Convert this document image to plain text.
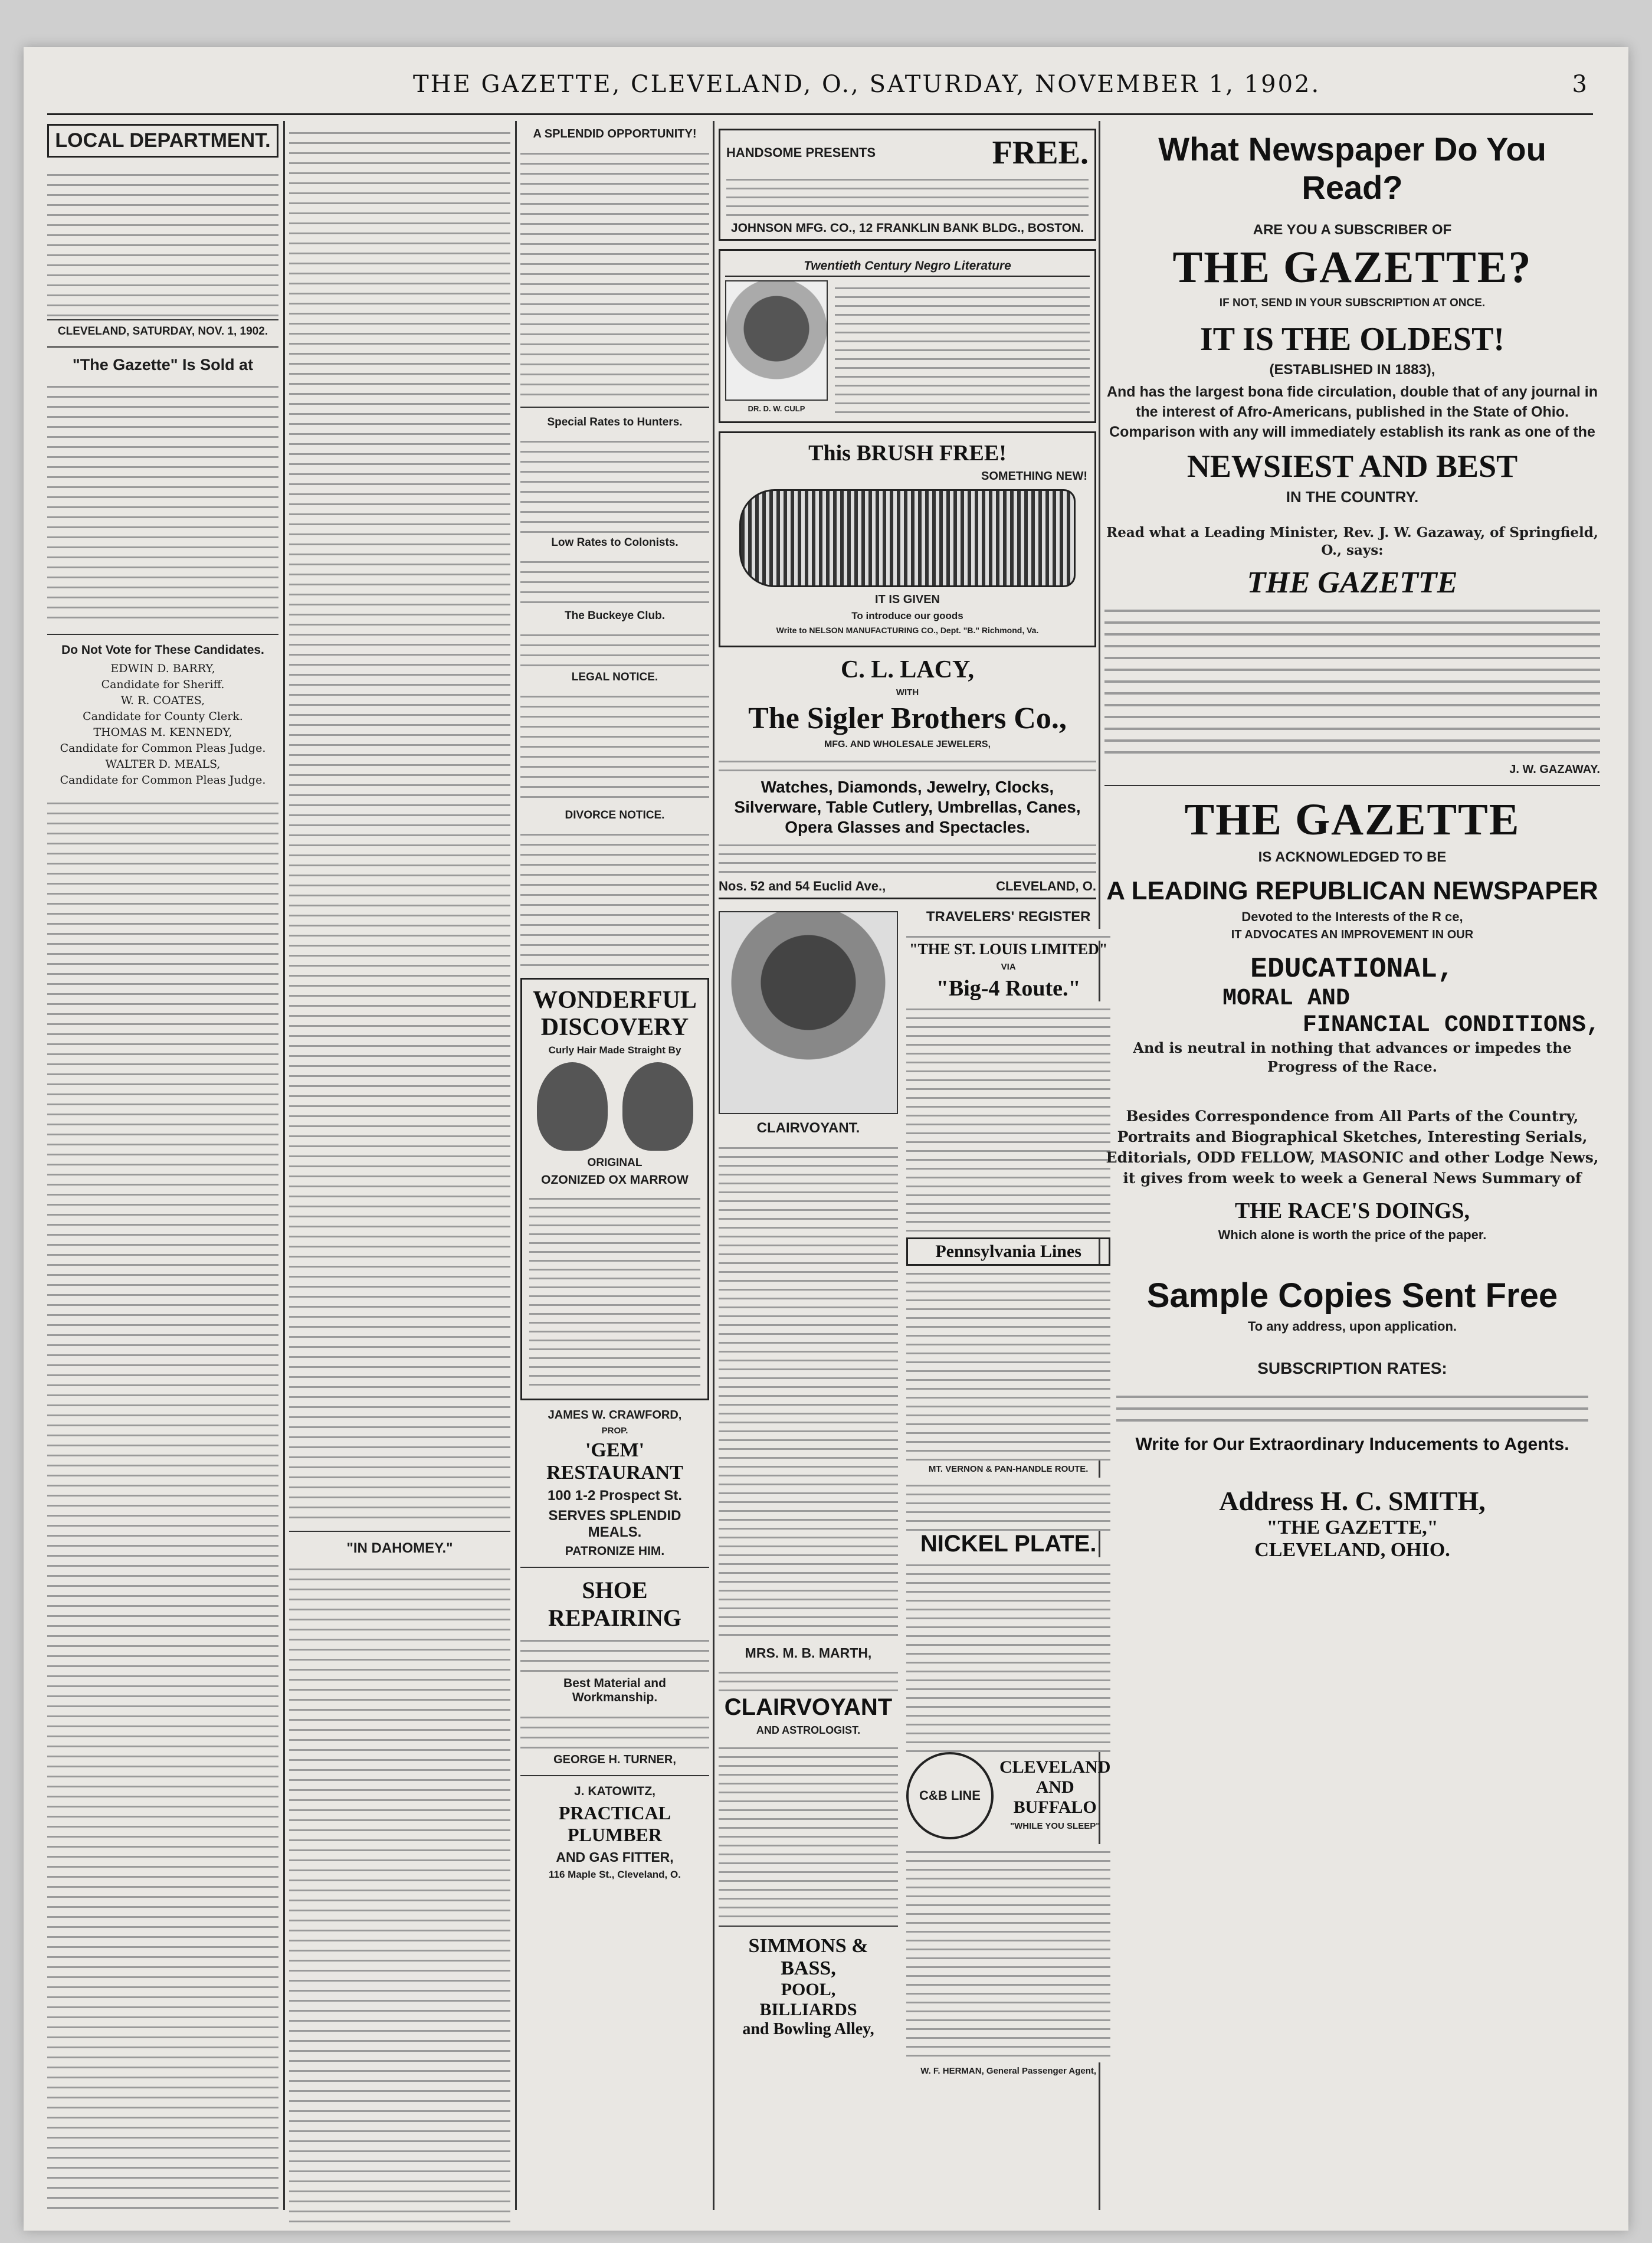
THE GAZETTE, CLEVELAND, O., SATURDAY, NOVEMBER 1, 1902.	3
LOCAL DEPARTMENT.
CLEVELAND, SATURDAY, NOV. 1, 1902.
"The Gazette" Is Sold at
Do Not Vote for These Candidates.
EDWIN D. BARRY,
Candidate for Sheriff.
W. R. COATES,
Candidate for County Clerk.
THOMAS M. KENNEDY,
Candidate for Common Pleas Judge.
WALTER D. MEALS,
Candidate for Common Pleas Judge.
"IN DAHOMEY."
A SPLENDID OPPORTUNITY!
Special Rates to Hunters.
Low Rates to Colonists.
The Buckeye Club.
LEGAL NOTICE.
DIVORCE NOTICE.
WONDERFUL DISCOVERY
Curly Hair Made Straight By
ORIGINAL
OZONIZED OX MARROW
JAMES W. CRAWFORD,
PROP.
'GEM' RESTAURANT
100 1-2 Prospect St.
SERVES SPLENDID MEALS.
PATRONIZE HIM.
SHOE REPAIRING
Best Material and Workmanship.
GEORGE H. TURNER,
J. KATOWITZ,
PRACTICAL PLUMBER
AND GAS FITTER,
116 Maple St., Cleveland, O.
HANDSOME PRESENTS	FREE.
JOHNSON MFG. CO., 12 FRANKLIN BANK BLDG., BOSTON.
Twentieth Century Negro Literature
DR. D. W. CULP
This BRUSH FREE!
SOMETHING NEW!
IT IS GIVEN
To introduce our goods
Write to NELSON MANUFACTURING CO., Dept. "B." Richmond, Va.
C. L. LACY,
WITH
The Sigler Brothers Co.,
MFG. AND WHOLESALE JEWELERS,
Watches, Diamonds, Jewelry, Clocks, Silverware, Table Cutlery, Umbrellas, Canes, Opera Glasses and Spectacles.
Nos. 52 and 54 Euclid Ave.,	CLEVELAND, O.
CLAIRVOYANT.
MRS. M. B. MARTH,
CLAIRVOYANT
AND ASTROLOGIST.
SIMMONS & BASS,
POOL,
BILLIARDS
and Bowling Alley,
TRAVELERS' REGISTER
"THE ST. LOUIS LIMITED"
VIA
"Big-4 Route."
Pennsylvania Lines
MT. VERNON & PAN-HANDLE ROUTE.
NICKEL PLATE.
C&B LINE
CLEVELAND AND BUFFALO
"WHILE YOU SLEEP"
W. F. HERMAN, General Passenger Agent,
What Newspaper Do You Read?
ARE YOU A SUBSCRIBER OF
THE GAZETTE?
IF NOT, SEND IN YOUR SUBSCRIPTION AT ONCE.
IT IS THE OLDEST!
(ESTABLISHED IN 1883),

And has the largest bona fide circulation, double that of any journal in the interest of Afro-Americans, published in the State of Ohio. Comparison with any will immediately establish its rank as one of the

NEWSIEST AND BEST
IN THE COUNTRY.

Read what a Leading Minister, Rev. J. W. Gazaway, of Springfield, O., says:

THE GAZETTE
J. W. GAZAWAY.
THE GAZETTE
IS ACKNOWLEDGED TO BE
A LEADING REPUBLICAN NEWSPAPER
Devoted to the Interests of the R ce,
IT ADVOCATES AN IMPROVEMENT IN OUR
EDUCATIONAL,
MORAL AND
FINANCIAL CONDITIONS,

And is neutral in nothing that advances or impedes the Progress of the Race.

Besides Correspondence from All Parts of the Country, Portraits and Biographical Sketches, Interesting Serials, Editorials, ODD FELLOW, MASONIC and other Lodge News, it gives from week to week a General News Summary of

THE RACE'S DOINGS,
Which alone is worth the price of the paper.
Sample Copies Sent Free
To any address, upon application.
SUBSCRIPTION RATES:
Write for Our Extraordinary Inducements to Agents.
Address H. C. SMITH,
"THE GAZETTE,"
CLEVELAND, OHIO.
